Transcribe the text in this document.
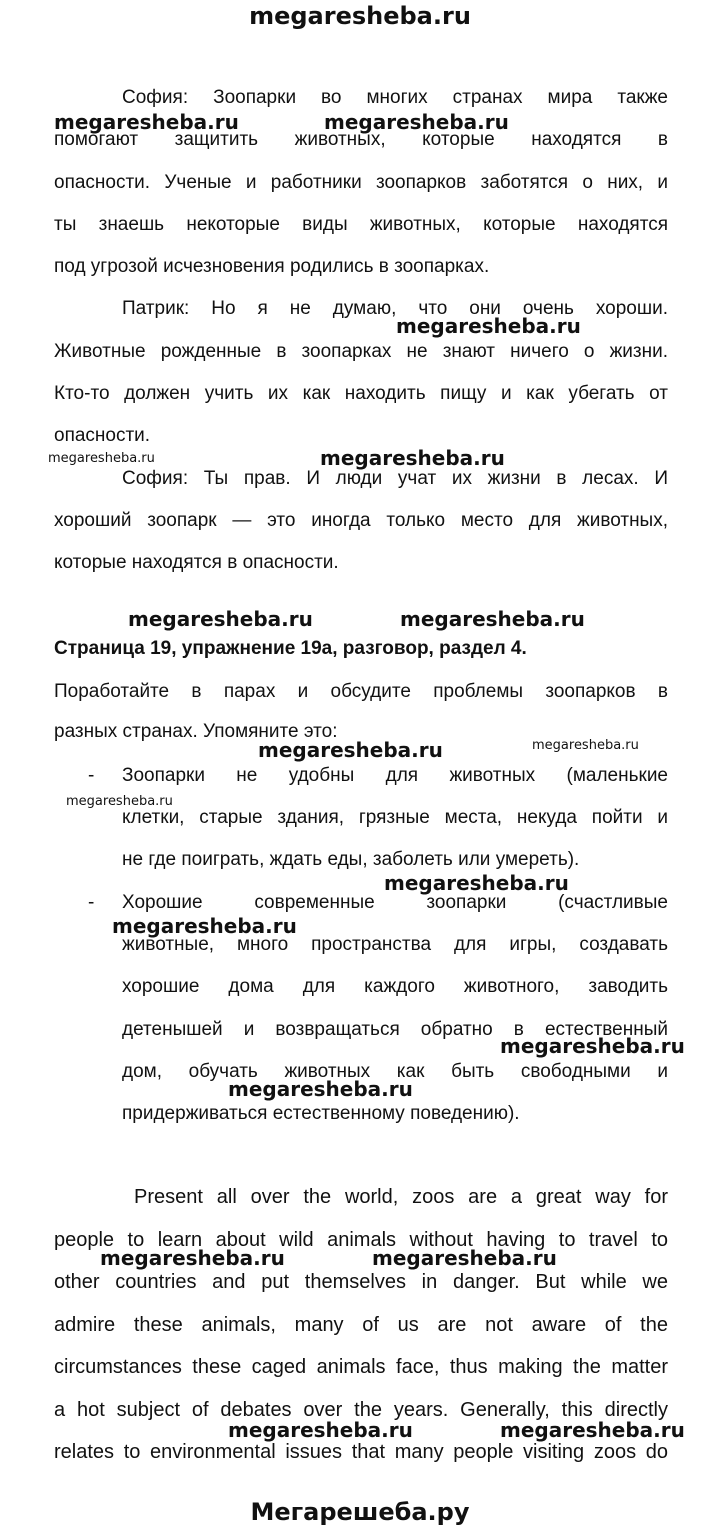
megaresheba.ru
София: Зоопарки во многих странах мира также
помогают защитить животных, которые находятся в
опасности. Ученые и работники зоопарков заботятся о них, и
ты знаешь некоторые виды животных, которые находятся
под угрозой исчезновения родились в зоопарках.
Патрик: Но я не думаю, что они очень хороши.
Животные рожденные в зоопарках не знают ничего о жизни.
Кто-то должен учить их как находить пищу и как убегать от
опасности.
София: Ты прав. И люди учат их жизни в лесах. И
хороший зоопарк — это иногда только место для животных,
которые находятся в опасности.
Страница 19, упражнение 19a, разговор, раздел 4.
Поработайте в парах и обсудите проблемы зоопарков в
разных странах. Упомяните это:
- Зоопарки не удобны для животных (маленькие
клетки, старые здания, грязные места, некуда пойти и
не где поиграть, ждать еды, заболеть или умереть).
- Хорошие современные зоопарки (счастливые
животные, много пространства для игры, создавать
хорошие дома для каждого животного, заводить
детенышей и возвращаться обратно в естественный
дом, обучать животных как быть свободными и
придерживаться естественному поведению).
Present all over the world, zoos are a great way for
people to learn about wild animals without having to travel to
other countries and put themselves in danger. But while we
admire these animals, many of us are not aware of the
circumstances these caged animals face, thus making the matter
a hot subject of debates over the years. Generally, this directly
relates to environmental issues that many people visiting zoos do
megaresheba.ru	megaresheba.ru
megaresheba.ru
megaresheba.ru	megaresheba.ru
megaresheba.ru	megaresheba.ru
megaresheba.ru	megaresheba.ru
megaresheba.ru
megaresheba.ru
megaresheba.ru
megaresheba.ru
megaresheba.ru
megaresheba.ru	megaresheba.ru
megaresheba.ru	megaresheba.ru
Мегарешеба.ру
